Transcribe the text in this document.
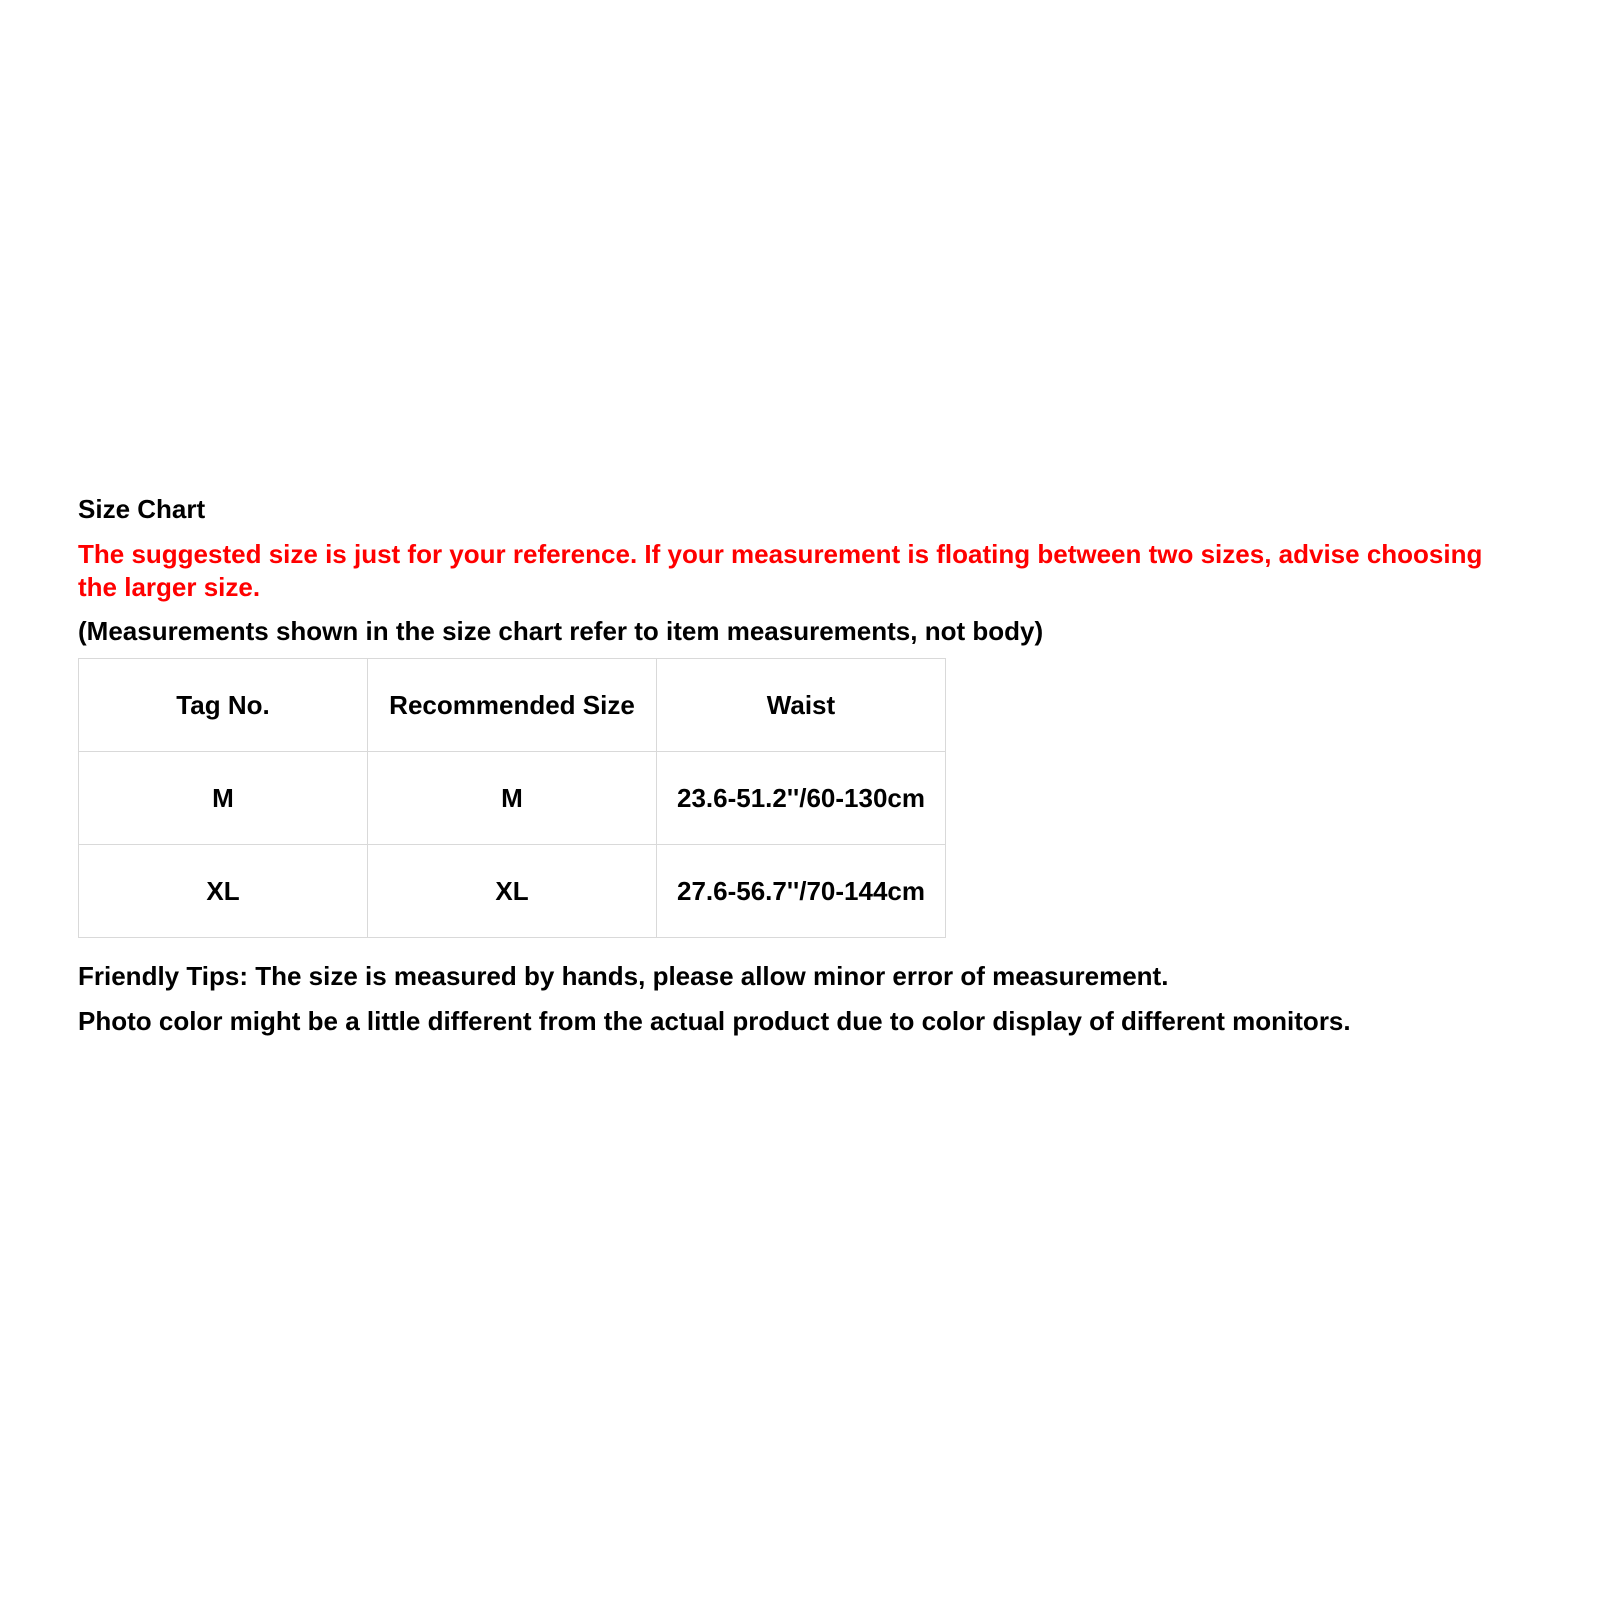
Size Chart
The suggested size is just for your reference. If your measurement is floating between two sizes, advise choosing the larger size.
(Measurements shown in the size chart refer to item measurements, not body)
Tag No.	Recommended Size	Waist
M	M	23.6-51.2''/60-130cm
XL	XL	27.6-56.7''/70-144cm
Friendly Tips: The size is measured by hands, please allow minor error of measurement.
Photo color might be a little different from the actual product due to color display of different monitors.
